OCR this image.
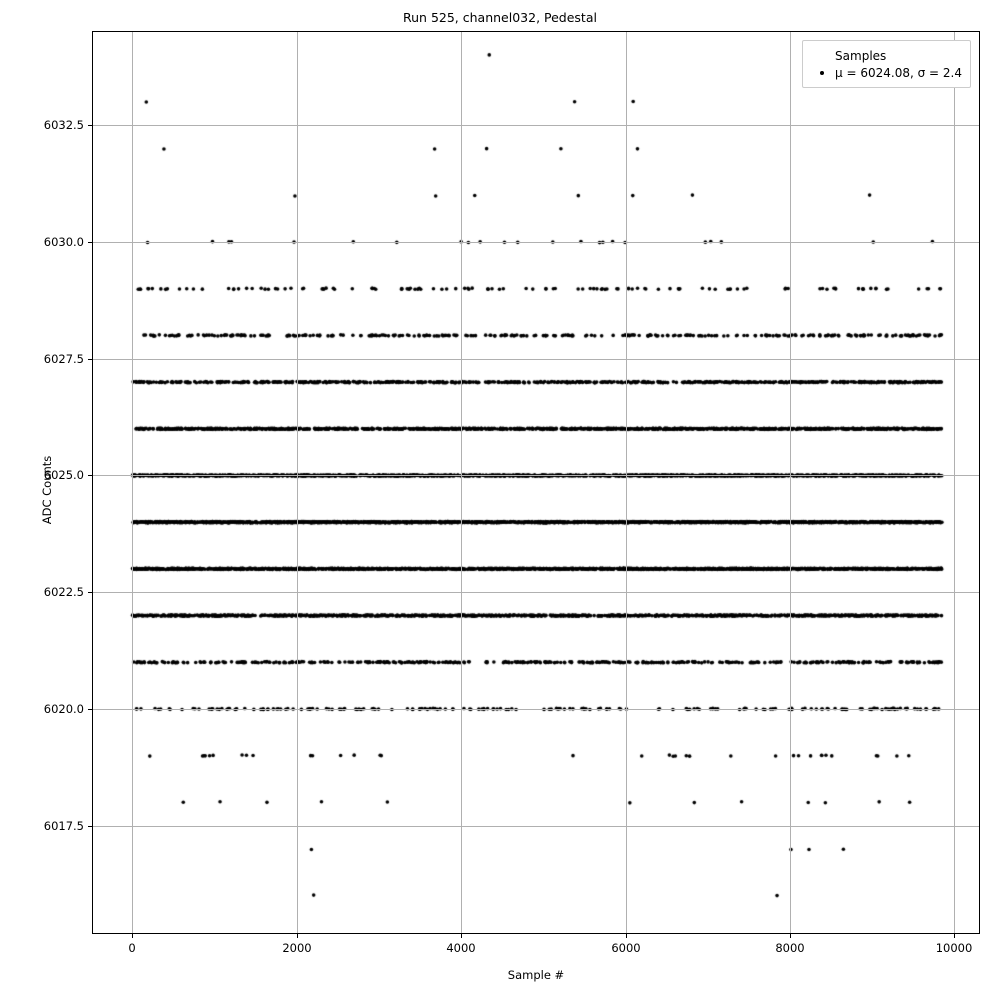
Run 525, channel032, Pedestal
Samples
μ = 6024.08, σ = 2.4
0	2000	4000	6000	8000	10000
6017.5
6020.0
6022.5
6025.0
6027.5
6030.0
6032.5
Sample #
ADC Counts
